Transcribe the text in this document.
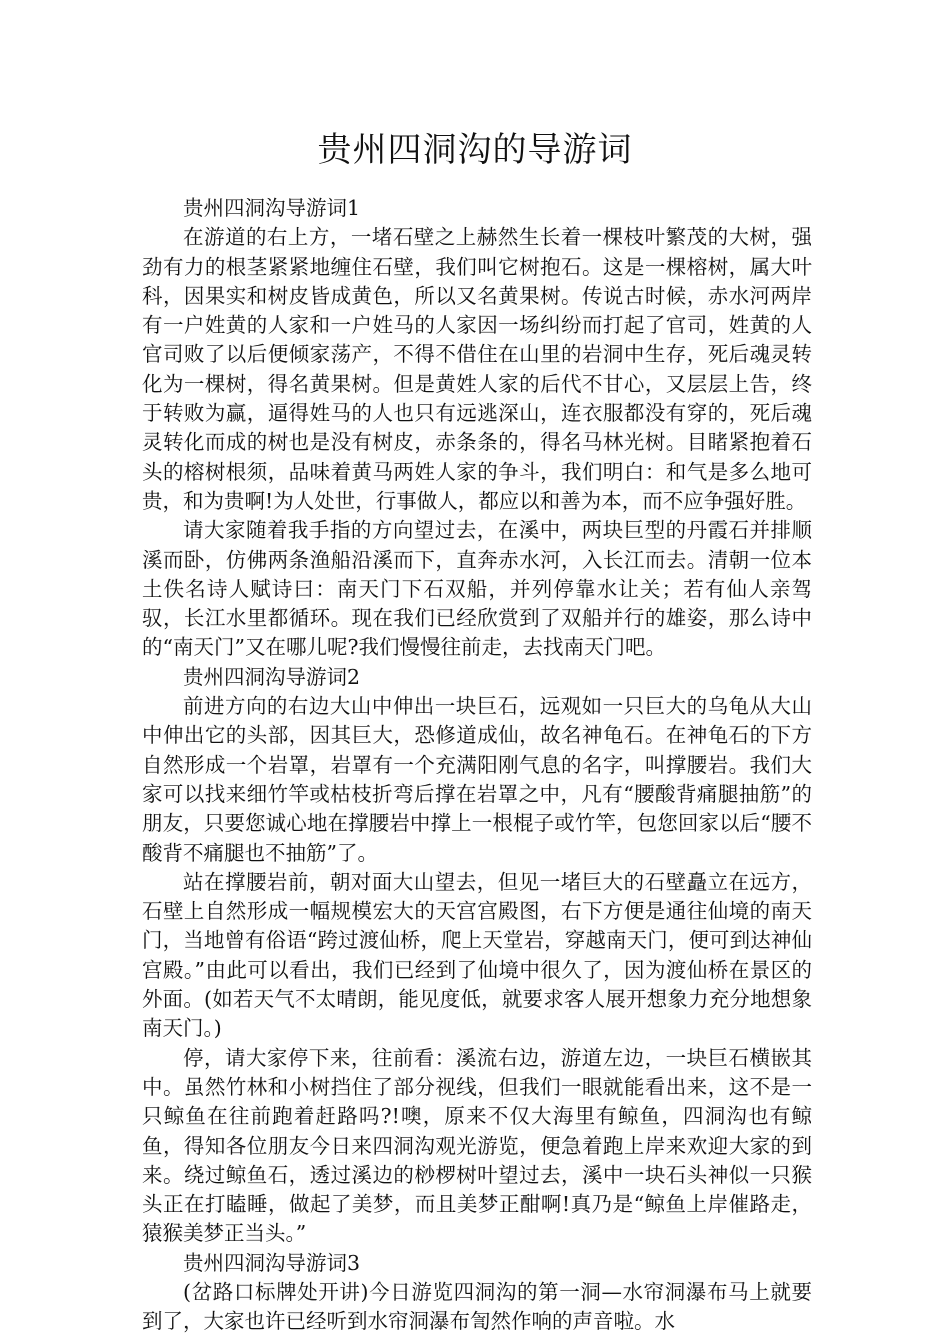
贵州四洞沟的导游词

贵州四洞沟导游词1

在游道的右上方，一堵石壁之上赫然生长着一棵枝叶繁茂的大树，强劲有力的根茎紧紧地缠住石壁，我们叫它树抱石。这是一棵榕树，属大叶科，因果实和树皮皆成黄色，所以又名黄果树。传说古时候，赤水河两岸有一户姓黄的人家和一户姓马的人家因一场纠纷而打起了官司，姓黄的人官司败了以后便倾家荡产，不得不借住在山里的岩洞中生存，死后魂灵转化为一棵树，得名黄果树。但是黄姓人家的后代不甘心，又层层上告，终于转败为赢，逼得姓马的人也只有远逃深山，连衣服都没有穿的，死后魂灵转化而成的树也是没有树皮，赤条条的，得名马林光树。目睹紧抱着石头的榕树根须，品味着黄马两姓人家的争斗，我们明白：和气是多么地可贵，和为贵啊!为人处世，行事做人，都应以和善为本，而不应争强好胜。

请大家随着我手指的方向望过去，在溪中，两块巨型的丹霞石并排顺溪而卧，仿佛两条渔船沿溪而下，直奔赤水河，入长江而去。清朝一位本土佚名诗人赋诗曰：南天门下石双船，并列停靠水让关；若有仙人亲驾驭，长江水里都循环。现在我们已经欣赏到了双船并行的雄姿，那么诗中的“南天门”又在哪儿呢?我们慢慢往前走，去找南天门吧。

贵州四洞沟导游词2

前进方向的右边大山中伸出一块巨石，远观如一只巨大的乌龟从大山中伸出它的头部，因其巨大，恐修道成仙，故名神龟石。在神龟石的下方自然形成一个岩罩，岩罩有一个充满阳刚气息的名字，叫撑腰岩。我们大家可以找来细竹竿或枯枝折弯后撑在岩罩之中，凡有“腰酸背痛腿抽筋”的朋友，只要您诚心地在撑腰岩中撑上一根棍子或竹竿，包您回家以后“腰不酸背不痛腿也不抽筋”了。

站在撑腰岩前，朝对面大山望去，但见一堵巨大的石壁矗立在远方，石壁上自然形成一幅规模宏大的天宫宫殿图，右下方便是通往仙境的南天门，当地曾有俗语“跨过渡仙桥，爬上天堂岩，穿越南天门，便可到达神仙宫殿。”由此可以看出，我们已经到了仙境中很久了，因为渡仙桥在景区的外面。(如若天气不太晴朗，能见度低，就要求客人展开想象力充分地想象南天门。)

停，请大家停下来，往前看：溪流右边，游道左边，一块巨石横嵌其中。虽然竹林和小树挡住了部分视线，但我们一眼就能看出来，这不是一只鲸鱼在往前跑着赶路吗?!噢，原来不仅大海里有鲸鱼，四洞沟也有鲸鱼，得知各位朋友今日来四洞沟观光游览，便急着跑上岸来欢迎大家的到来。绕过鲸鱼石，透过溪边的桫椤树叶望过去，溪中一块石头神似一只猴头正在打瞌睡，做起了美梦，而且美梦正酣啊!真乃是“鲸鱼上岸催路走，猿猴美梦正当头。”

贵州四洞沟导游词3

(岔路口标牌处开讲)今日游览四洞沟的第一洞—水帘洞瀑布马上就要到了，大家也许已经听到水帘洞瀑布訇然作响的声音啦。水
